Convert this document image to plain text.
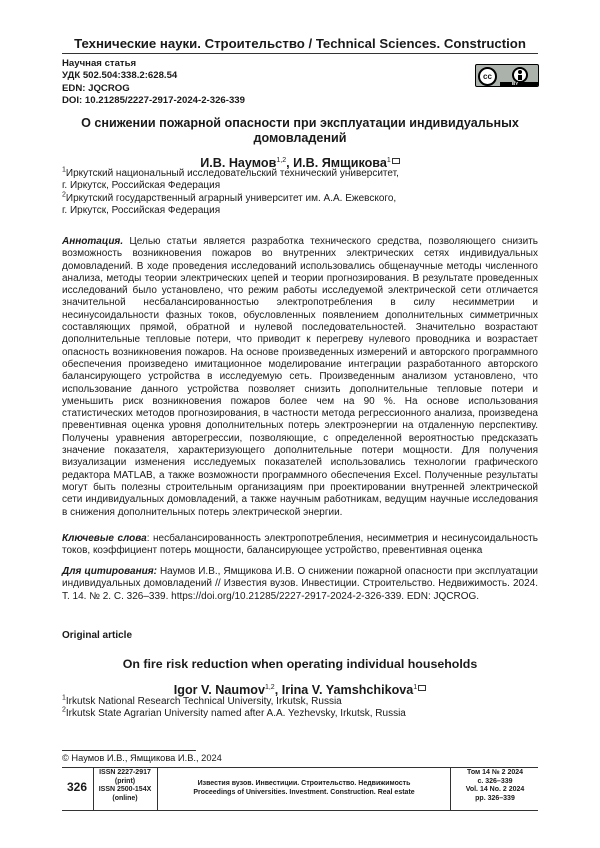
Технические науки. Строительство / Technical Sciences. Construction
Научная статья
УДК 502.504:338.2:628.54
EDN: JQCROG
DOI: 10.21285/2227-2917-2024-2-326-339
cc
BY
О снижении пожарной опасности при эксплуатации индивидуальных домовладений
И.В. Наумов$^{1,2}$, И.В. Ямщикова$^1$
$^1$Иркутский национальный исследовательский технический университет,
г. Иркутск, Российская Федерация
$^2$Иркутский государственный аграрный университет им. А.А. Ежевского,
г. Иркутск, Российская Федерация
Аннотация. Целью статьи является разработка технического средства, позволяющего снизить возможность возникновения пожаров во внутренних электрических сетях индивидуальных домовладений. В ходе проведения исследований использовались общенаучные методы численного анализа, методы теории электрических цепей и теории прогнозирования. В результате проведенных исследований было установлено, что режим работы исследуемой электрической сети отличается значительной несбалансированностью электропотребления в силу несимметрии и несинусоидальности фазных токов, обусловленных появлением дополнительных симметричных составляющих прямой, обратной и нулевой последовательностей. Значительно возрастают дополнительные тепловые потери, что приводит к перегреву нулевого проводника и возрастает опасность возникновения пожаров. На основе произведенных измерений и авторского программного обеспечения произведено имитационное моделирование интеграции разработанного авторского балансирующего устройства в исследуемую сеть. Произведенным анализом установлено, что использование данного устройства позволяет снизить дополнительные тепловые потери и уменьшить риск возникновения пожаров более чем на 90 %. На основе использования статистических методов прогнозирования, в частности метода регрессионного анализа, произведена превентивная оценка уровня дополнительных потерь электроэнергии на отдаленную перспективу. Получены уравнения авторегрессии, позволяющие, с определенной вероятностью предсказать значение показателя, характеризующего дополнительные потери мощности. Для получения визуализации изменения исследуемых показателей использовались технологии графического редактора MATLAB, а также возможности программного обеспечения Excel. Полученные результаты могут быть полезны строительным организациям при проектировании внутренней электрической сети индивидуальных домовладений, а также научным работникам, ведущим научные исследования в снижения дополнительных потерь электрической энергии.
Ключевые слова: несбалансированность электропотребления, несимметрия и несинусоидальность токов, коэффициент потерь мощности, балансирующее устройство, превентивная оценка
Для цитирования: Наумов И.В., Ямщикова И.В. О снижении пожарной опасности при эксплуатации индивидуальных домовладений // Известия вузов. Инвестиции. Строительство. Недвижимость. 2024. Т. 14. № 2. С. 326–339. https://doi.org/10.21285/2227-2917-2024-2-326-339. EDN: JQCROG.
Original article
On fire risk reduction when operating individual households
Igor V. Naumov$^{1,2}$, Irina V. Yamshchikova$^1$
$^1$Irkutsk National Research Technical University, Irkutsk, Russia
$^2$Irkutsk State Agrarian University named after A.A. Yezhevsky, Irkutsk, Russia
© Наумов И.В., Ямщикова И.В., 2024
326
ISSN 2227-2917
(print)
ISSN 2500-154X
(online)
Известия вузов. Инвестиции. Строительство. Недвижимость
Proceedings of Universities. Investment. Construction. Real estate
Том 14 № 2 2024
с. 326–339
Vol. 14 No. 2 2024
pp. 326–339
